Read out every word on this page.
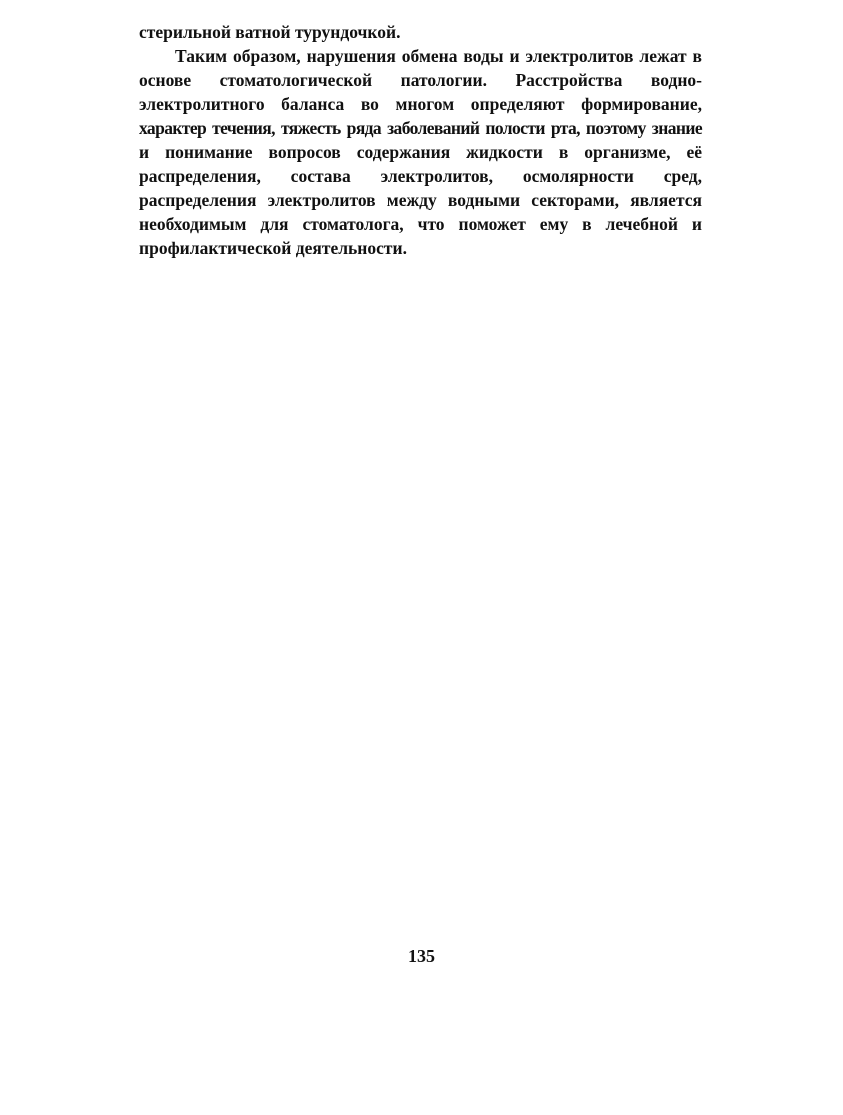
стерильной ватной турундочкой.
Таким образом, нарушения обмена воды и электролитов лежат в
основе стоматологической патологии. Расстройства водно-
электролитного баланса во многом определяют формирование,
характер течения, тяжесть ряда заболеваний полости рта, поэтому знание
и понимание вопросов содержания жидкости в организме, её
распределения, состава электролитов, осмолярности сред,
распределения электролитов между водными секторами, является
необходимым для стоматолога, что поможет ему в лечебной и
профилактической деятельности.
135
